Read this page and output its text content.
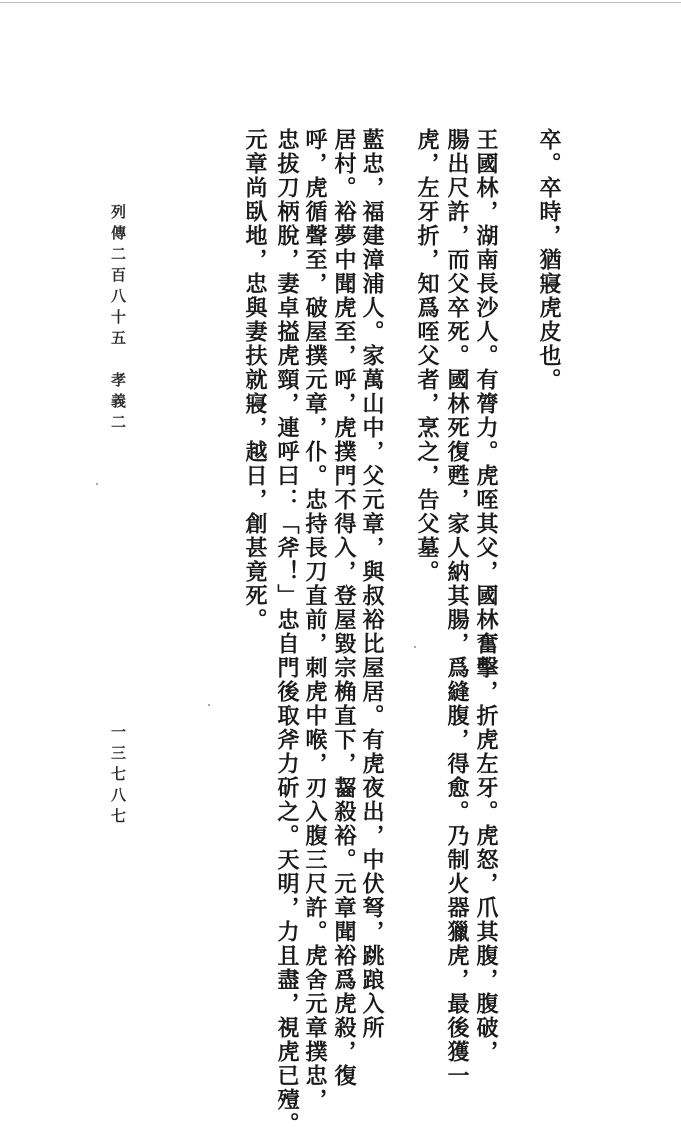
卒。卒時，猶寢虎皮也。
王國林，湖南長沙人。有膂力。虎咥其父，國林奮擊，折虎左牙。虎怒，爪其腹，腹破，
腸出尺許，而父卒死。國林死復甦，家人納其腸，爲縫腹，得愈。乃制火器獵虎，最後獲一
虎，左牙折，知爲咥父者，烹之，告父墓。
藍忠，福建漳浦人。家萬山中，父元章，與叔裕比屋居。有虎夜出，中伏弩，跳踉入所
居村。裕夢中聞虎至，呼，虎撲門不得入，登屋毀宗桷直下，齧殺裕。元章聞裕爲虎殺，復
呼，虎循聲至，破屋撲元章，仆。忠持長刀直前，刺虎中喉，刃入腹三尺許。虎舍元章撲忠，
忠拔刀柄脫，妻卓搤虎頸，連呼曰：「斧！」忠自門後取斧力斫之。天明，力且盡，視虎已殪。
元章尚臥地，忠與妻扶就寢，越日，創甚竟死。
列傳二百八十五　孝義二
一三七八七
